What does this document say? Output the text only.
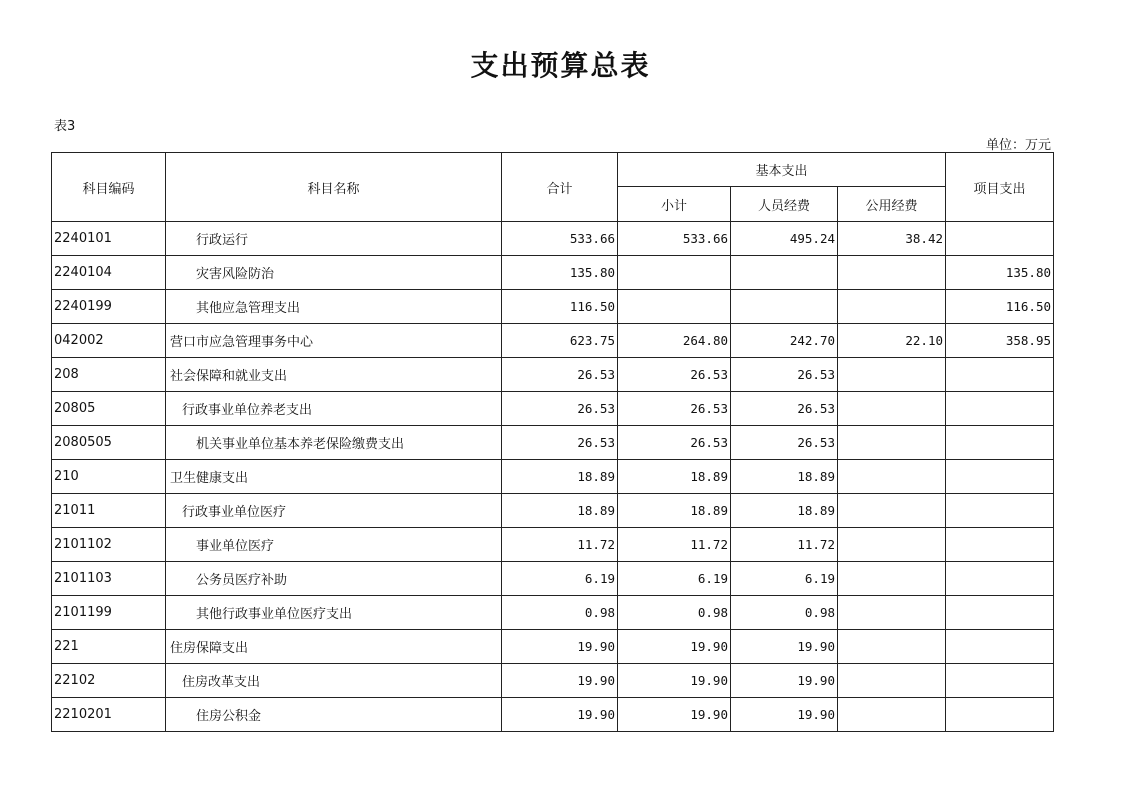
支出预算总表
表3
单位：万元
科目编码	科目名称	合计	基本支出			项目支出
			小计	人员经费	公用经费	
2240101	行政运行	533.66	533.66	495.24	38.42	
2240104	灾害风险防治	135.80				135.80
2240199	其他应急管理支出	116.50				116.50
042002	营口市应急管理事务中心	623.75	264.80	242.70	22.10	358.95
208	社会保障和就业支出	26.53	26.53	26.53		
20805	行政事业单位养老支出	26.53	26.53	26.53		
2080505	机关事业单位基本养老保险缴费支出	26.53	26.53	26.53		
210	卫生健康支出	18.89	18.89	18.89		
21011	行政事业单位医疗	18.89	18.89	18.89		
2101102	事业单位医疗	11.72	11.72	11.72		
2101103	公务员医疗补助	6.19	6.19	6.19		
2101199	其他行政事业单位医疗支出	0.98	0.98	0.98		
221	住房保障支出	19.90	19.90	19.90		
22102	住房改革支出	19.90	19.90	19.90		
2210201	住房公积金	19.90	19.90	19.90		
